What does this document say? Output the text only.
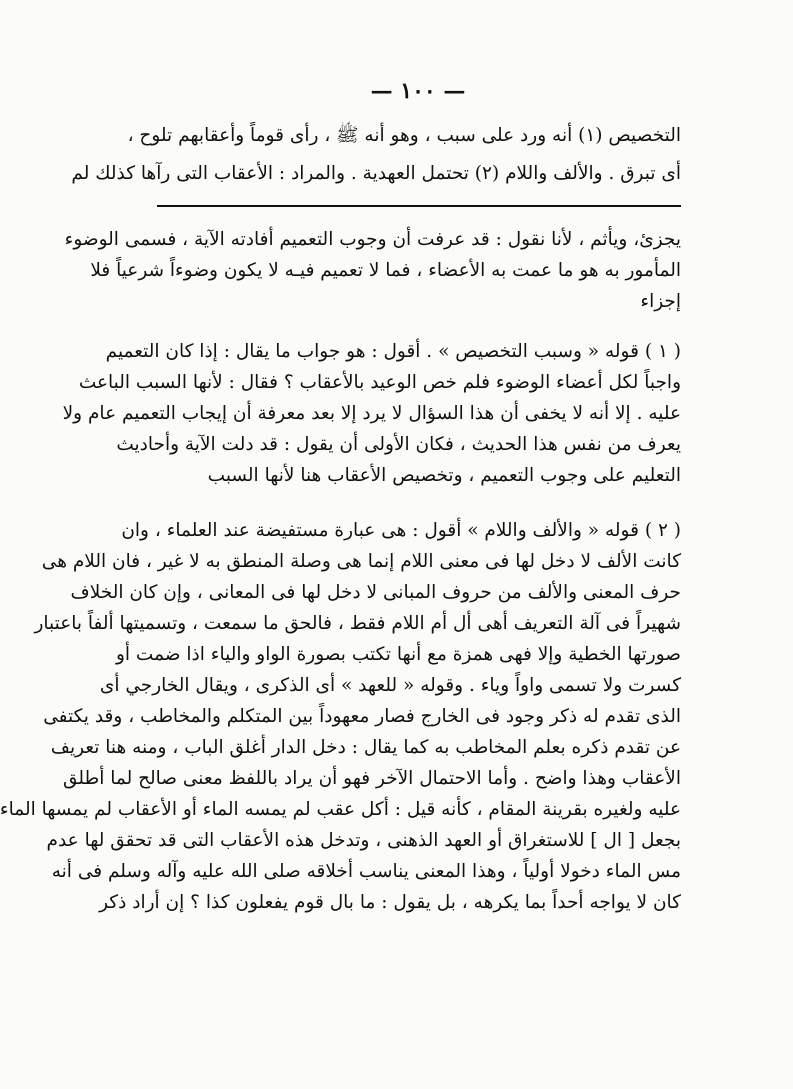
— ١٠٠ —
التخصيص (١) أنه ورد على سبب ، وهو أنه ﷺ ، رأى قوماً وأعقابهم تلوح ،
أى تبرق . والألف واللام (٢) تحتمل العهدية . والمراد : الأعقاب التى رآها كذلك لم
يجزئ، ويأثم ، لأنا نقول : قد عرفت أن وجوب التعميم أفادته الآية ، فسمى الوضوء
المأمور به هو ما عمت به الأعضاء ، فما لا تعميم فيـه لا يكون وضوءاً شرعياً فلا
إجزاء
( ١ ) قوله « وسبب التخصيص » . أقول : هو جواب ما يقال : إذا كان التعميم
واجباً لكل أعضاء الوضوء فلم خص الوعيد بالأعقاب ؟ فقال : لأنها السبب الباعث
عليه . إلا أنه لا يخفى أن هذا السؤال لا يرد إلا بعد معرفة أن إيجاب التعميم عام ولا
يعرف من نفس هذا الحديث ، فكان الأولى أن يقول : قد دلت الآية وأحاديث
التعليم على وجوب التعميم ، وتخصيص الأعقاب هنا لأنها السبب
( ٢ ) قوله « والألف واللام » أقول : هى عبارة مستفيضة عند العلماء ، وان
كانت الألف لا دخل لها فى معنى اللام إنما هى وصلة المنطق به لا غير ، فان اللام هى
حرف المعنى والألف من حروف المبانى لا دخل لها فى المعانى ، وإن كان الخلاف
شهيراً فى آلة التعريف أهى أل أم اللام فقط ، فالحق ما سمعت ، وتسميتها ألفاً باعتبار
صورتها الخطية وإلا فهى همزة مع أنها تكتب بصورة الواو والياء اذا ضمت أو
كسرت ولا تسمى واواً وياء . وقوله « للعهد » أى الذكرى ، ويقال الخارجي أى
الذى تقدم له ذكر وجود فى الخارج فصار معهوداً بين المتكلم والمخاطب ، وقد يكتفى
عن تقدم ذكره بعلم المخاطب به كما يقال : دخل الدار أغلق الباب ، ومنه هنا تعريف
الأعقاب وهذا واضح . وأما الاحتمال الآخر فهو أن يراد باللفظ معنى صالح لما أطلق
عليه ولغيره بقرينة المقام ، كأنه قيل : أكل عقب لم يمسه الماء أو الأعقاب لم يمسها الماء
بجعل [ ال ] للاستغراق أو العهد الذهنى ، وتدخل هذه الأعقاب التى قد تحقق لها عدم
مس الماء دخولا أولياً ، وهذا المعنى يناسب أخلاقه صلى الله عليه وآله وسلم فى أنه
كان لا يواجه أحداً بما يكرهه ، بل يقول : ما بال قوم يفعلون كذا ؟ إن أراد ذكر
